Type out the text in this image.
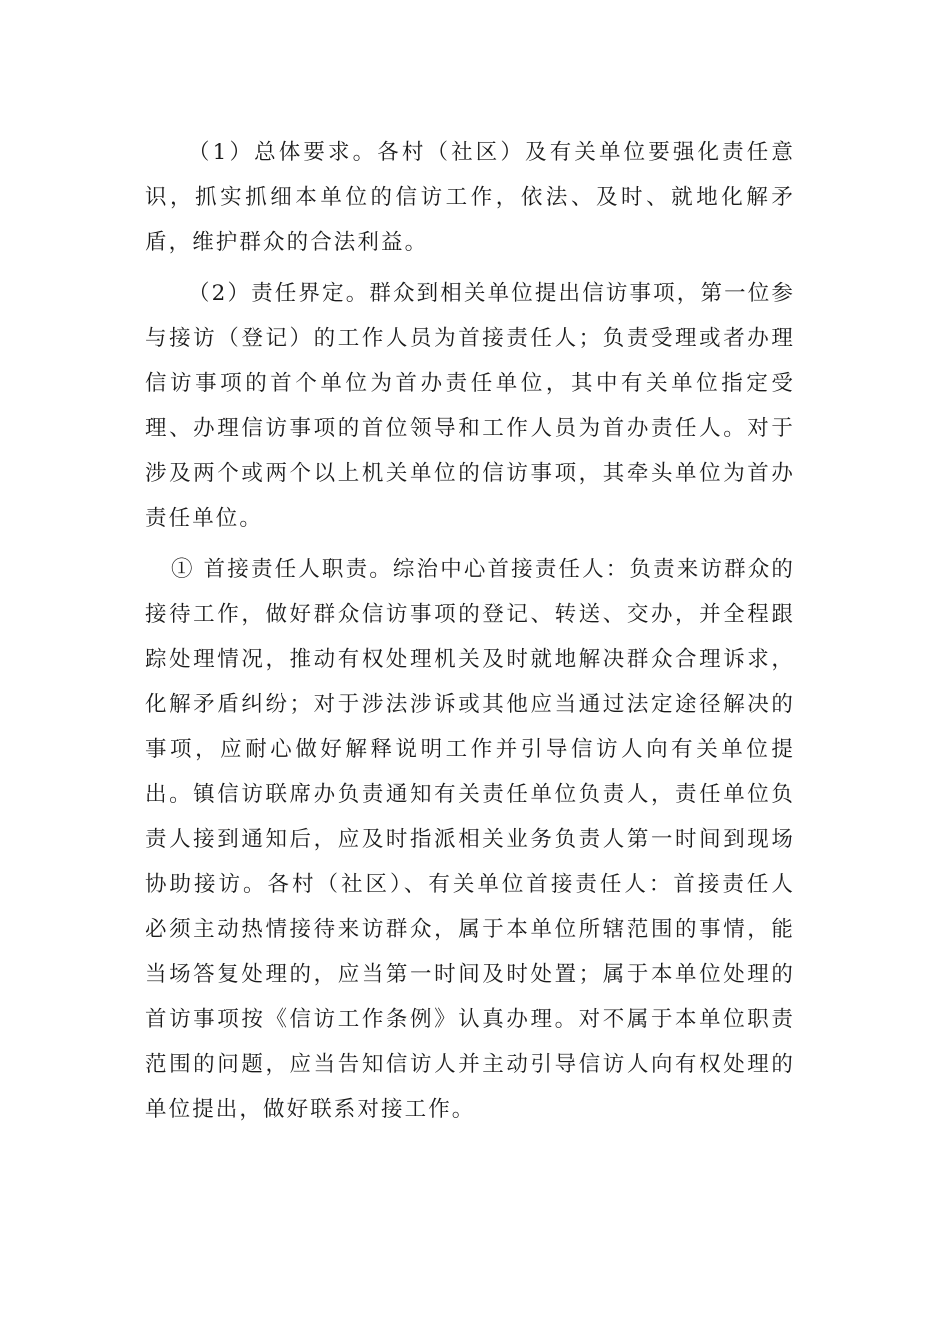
（1）总体要求。各村（社区）及有关单位要强化责任意识，抓实抓细本单位的信访工作，依法、及时、就地化解矛盾，维护群众的合法利益。

（2）责任界定。群众到相关单位提出信访事项，第一位参与接访（登记）的工作人员为首接责任人；负责受理或者办理信访事项的首个单位为首办责任单位，其中有关单位指定受理、办理信访事项的首位领导和工作人员为首办责任人。对于涉及两个或两个以上机关单位的信访事项，其牵头单位为首办责任单位。

① 首接责任人职责。综治中心首接责任人：负责来访群众的接待工作，做好群众信访事项的登记、转送、交办，并全程跟踪处理情况，推动有权处理机关及时就地解决群众合理诉求，化解矛盾纠纷；对于涉法涉诉或其他应当通过法定途径解决的事项，应耐心做好解释说明工作并引导信访人向有关单位提出。镇信访联席办负责通知有关责任单位负责人，责任单位负责人接到通知后，应及时指派相关业务负责人第一时间到现场协助接访。各村（社区）、有关单位首接责任人：首接责任人必须主动热情接待来访群众，属于本单位所辖范围的事情，能当场答复处理的，应当第一时间及时处置；属于本单位处理的首访事项按《信访工作条例》认真办理。对不属于本单位职责范围的问题，应当告知信访人并主动引导信访人向有权处理的单位提出，做好联系对接工作。
